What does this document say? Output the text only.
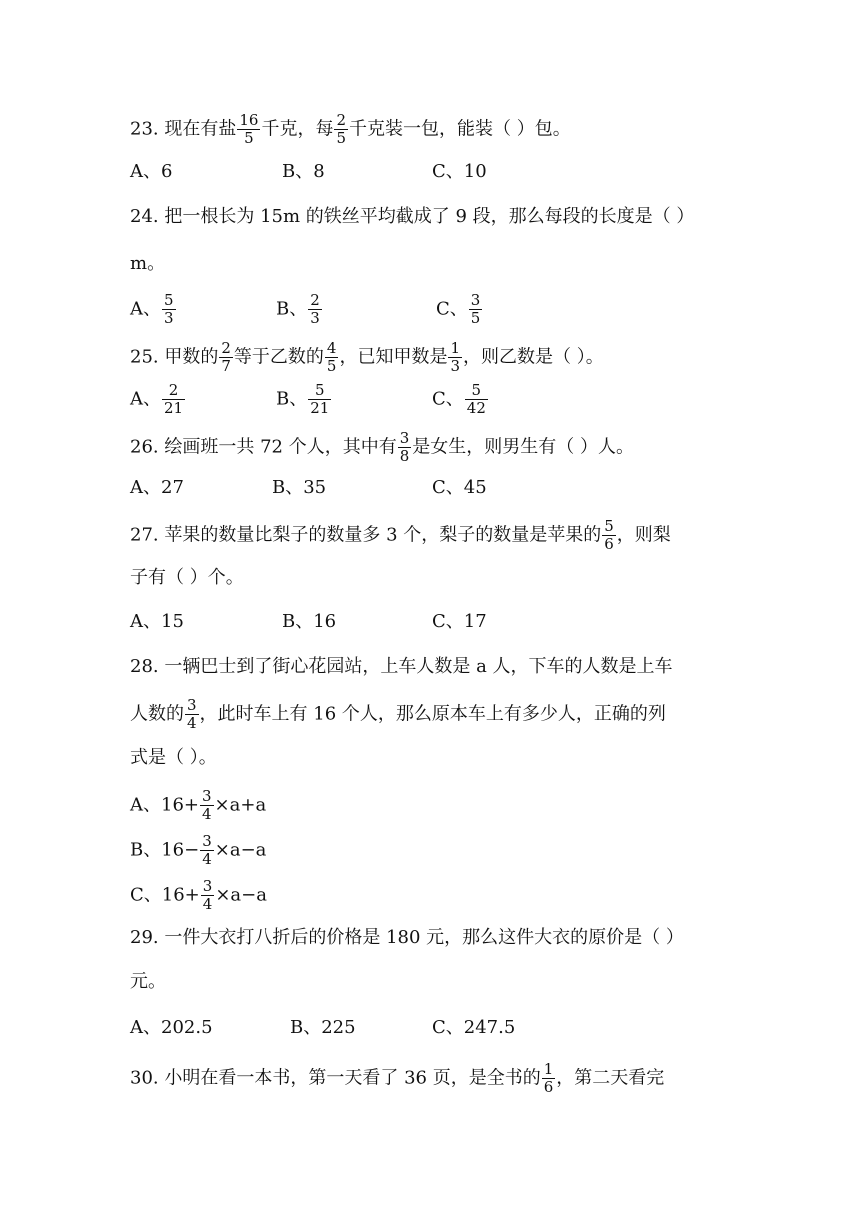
23. 现在有盐 $\frac{16}{5}$ 千克，每 $\frac{2}{5}$ 千克装一包，能装（ ）包。
A、6	B、8	C、10
24. 把一根长为 15m 的铁丝平均截成了 9 段，那么每段的长度是（ ）
m。
A、 $\frac{5}{3}$	B、 $\frac{2}{3}$	C、 $\frac{3}{5}$
25. 甲数的 $\frac{2}{7}$ 等于乙数的 $\frac{4}{5}$ ，已知甲数是 $\frac{1}{3}$ ，则乙数是（ ）。
A、 $\frac{2}{21}$	B、 $\frac{5}{21}$	C、 $\frac{5}{42}$
26. 绘画班一共 72 个人，其中有 $\frac{3}{8}$ 是女生，则男生有（ ）人。
A、27	B、35	C、45
27. 苹果的数量比梨子的数量多 3 个，梨子的数量是苹果的 $\frac{5}{6}$ ，则梨
子有（ ）个。
A、15	B、16	C、17
28. 一辆巴士到了街心花园站，上车人数是 a 人，下车的人数是上车
人数的 $\frac{3}{4}$ ，此时车上有 16 个人，那么原本车上有多少人，正确的列
式是（ ）。
A、$16+ \frac{3}{4} \times a+a$
B、$16- \frac{3}{4} \times a-a$
C、$16+ \frac{3}{4} \times a-a$
29. 一件大衣打八折后的价格是 180 元，那么这件大衣的原价是（ ）
元。
A、202.5	B、225	C、247.5
30. 小明在看一本书，第一天看了 36 页，是全书的 $\frac{1}{6}$ ，第二天看完
